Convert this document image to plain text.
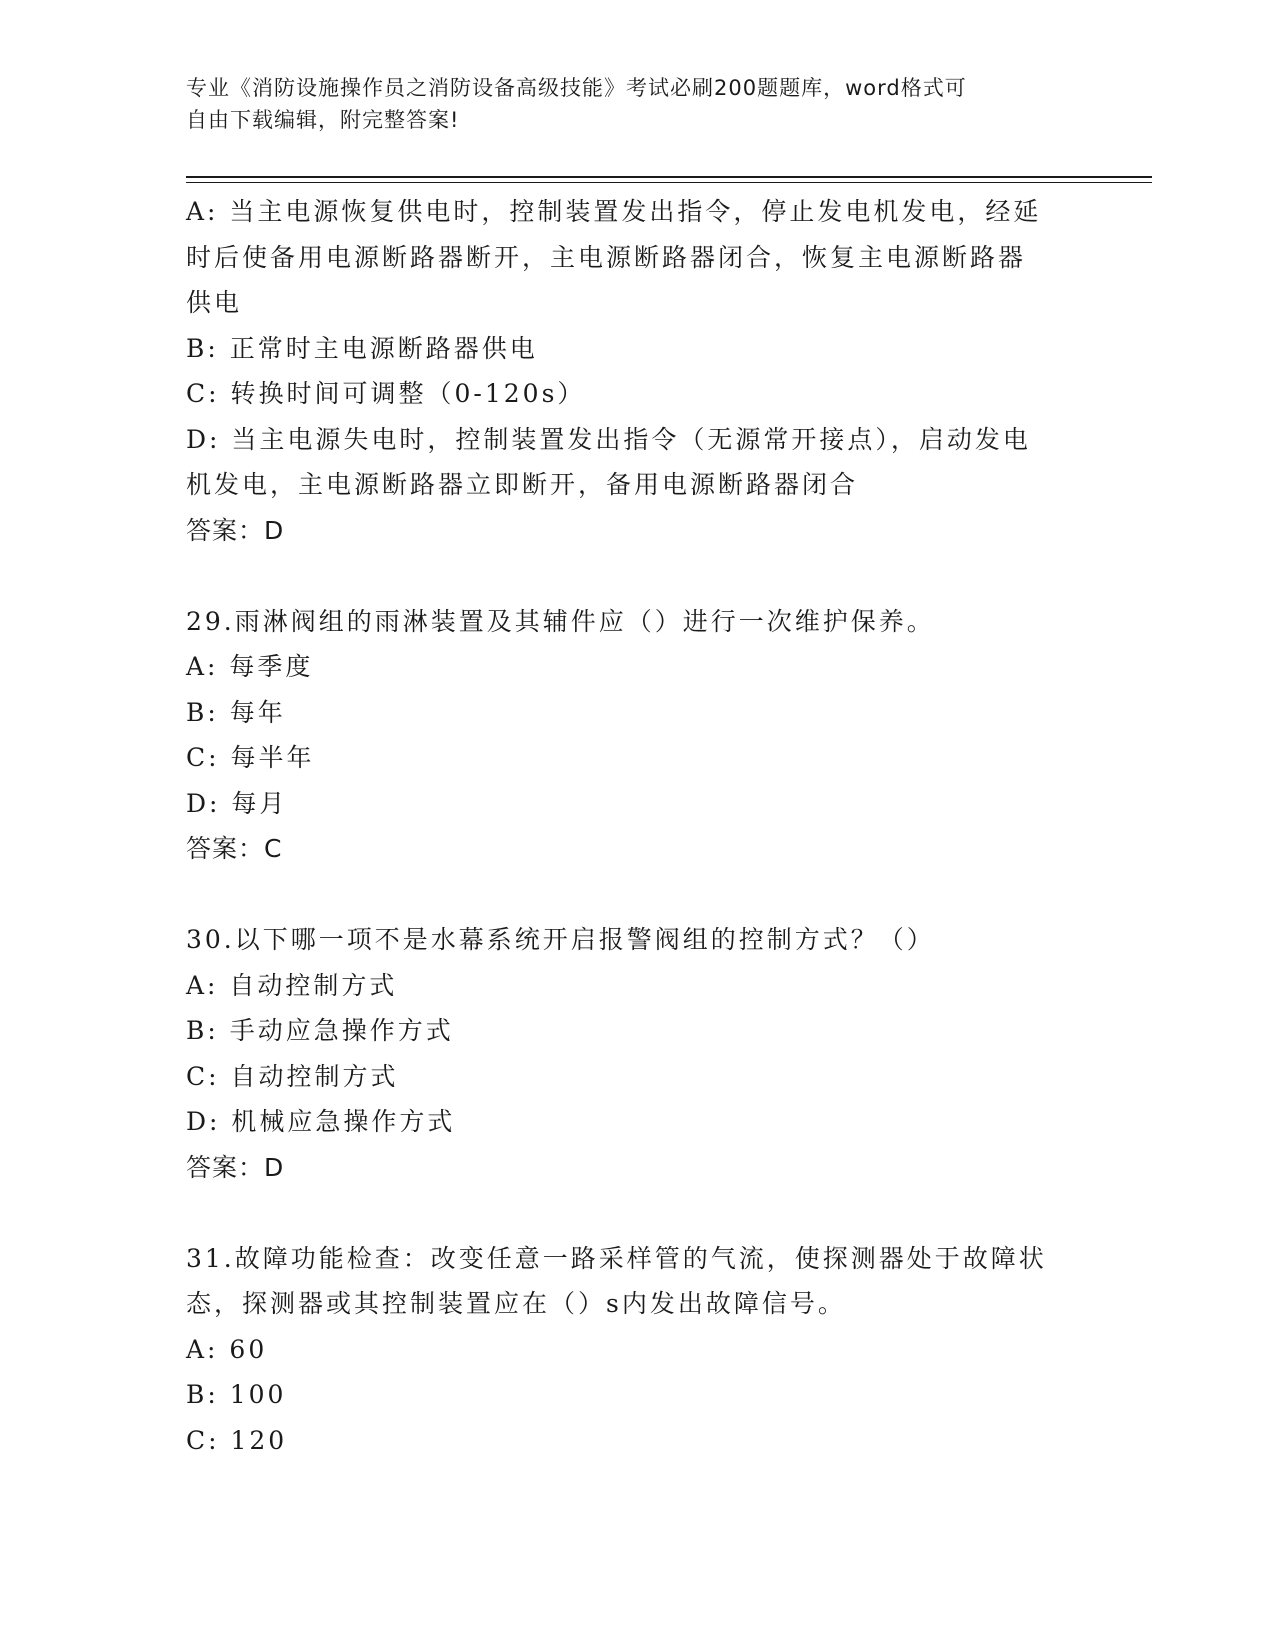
专业《消防设施操作员之消防设备高级技能》考试必刷200题题库，word格式可
自由下载编辑，附完整答案!
A: 当主电源恢复供电时，控制装置发出指令，停止发电机发电，经延
时后使备用电源断路器断开，主电源断路器闭合，恢复主电源断路器
供电
B: 正常时主电源断路器供电
C: 转换时间可调整（0-120s）
D: 当主电源失电时，控制装置发出指令（无源常开接点），启动发电
机发电，主电源断路器立即断开，备用电源断路器闭合
答案：D
29.雨淋阀组的雨淋装置及其辅件应（）进行一次维护保养。
A: 每季度
B: 每年
C: 每半年
D: 每月
答案：C
30.以下哪一项不是水幕系统开启报警阀组的控制方式？（）
A: 自动控制方式
B: 手动应急操作方式
C: 自动控制方式
D: 机械应急操作方式
答案：D
31.故障功能检查：改变任意一路采样管的气流，使探测器处于故障状
态，探测器或其控制装置应在（）s内发出故障信号。
A: 60
B: 100
C: 120
